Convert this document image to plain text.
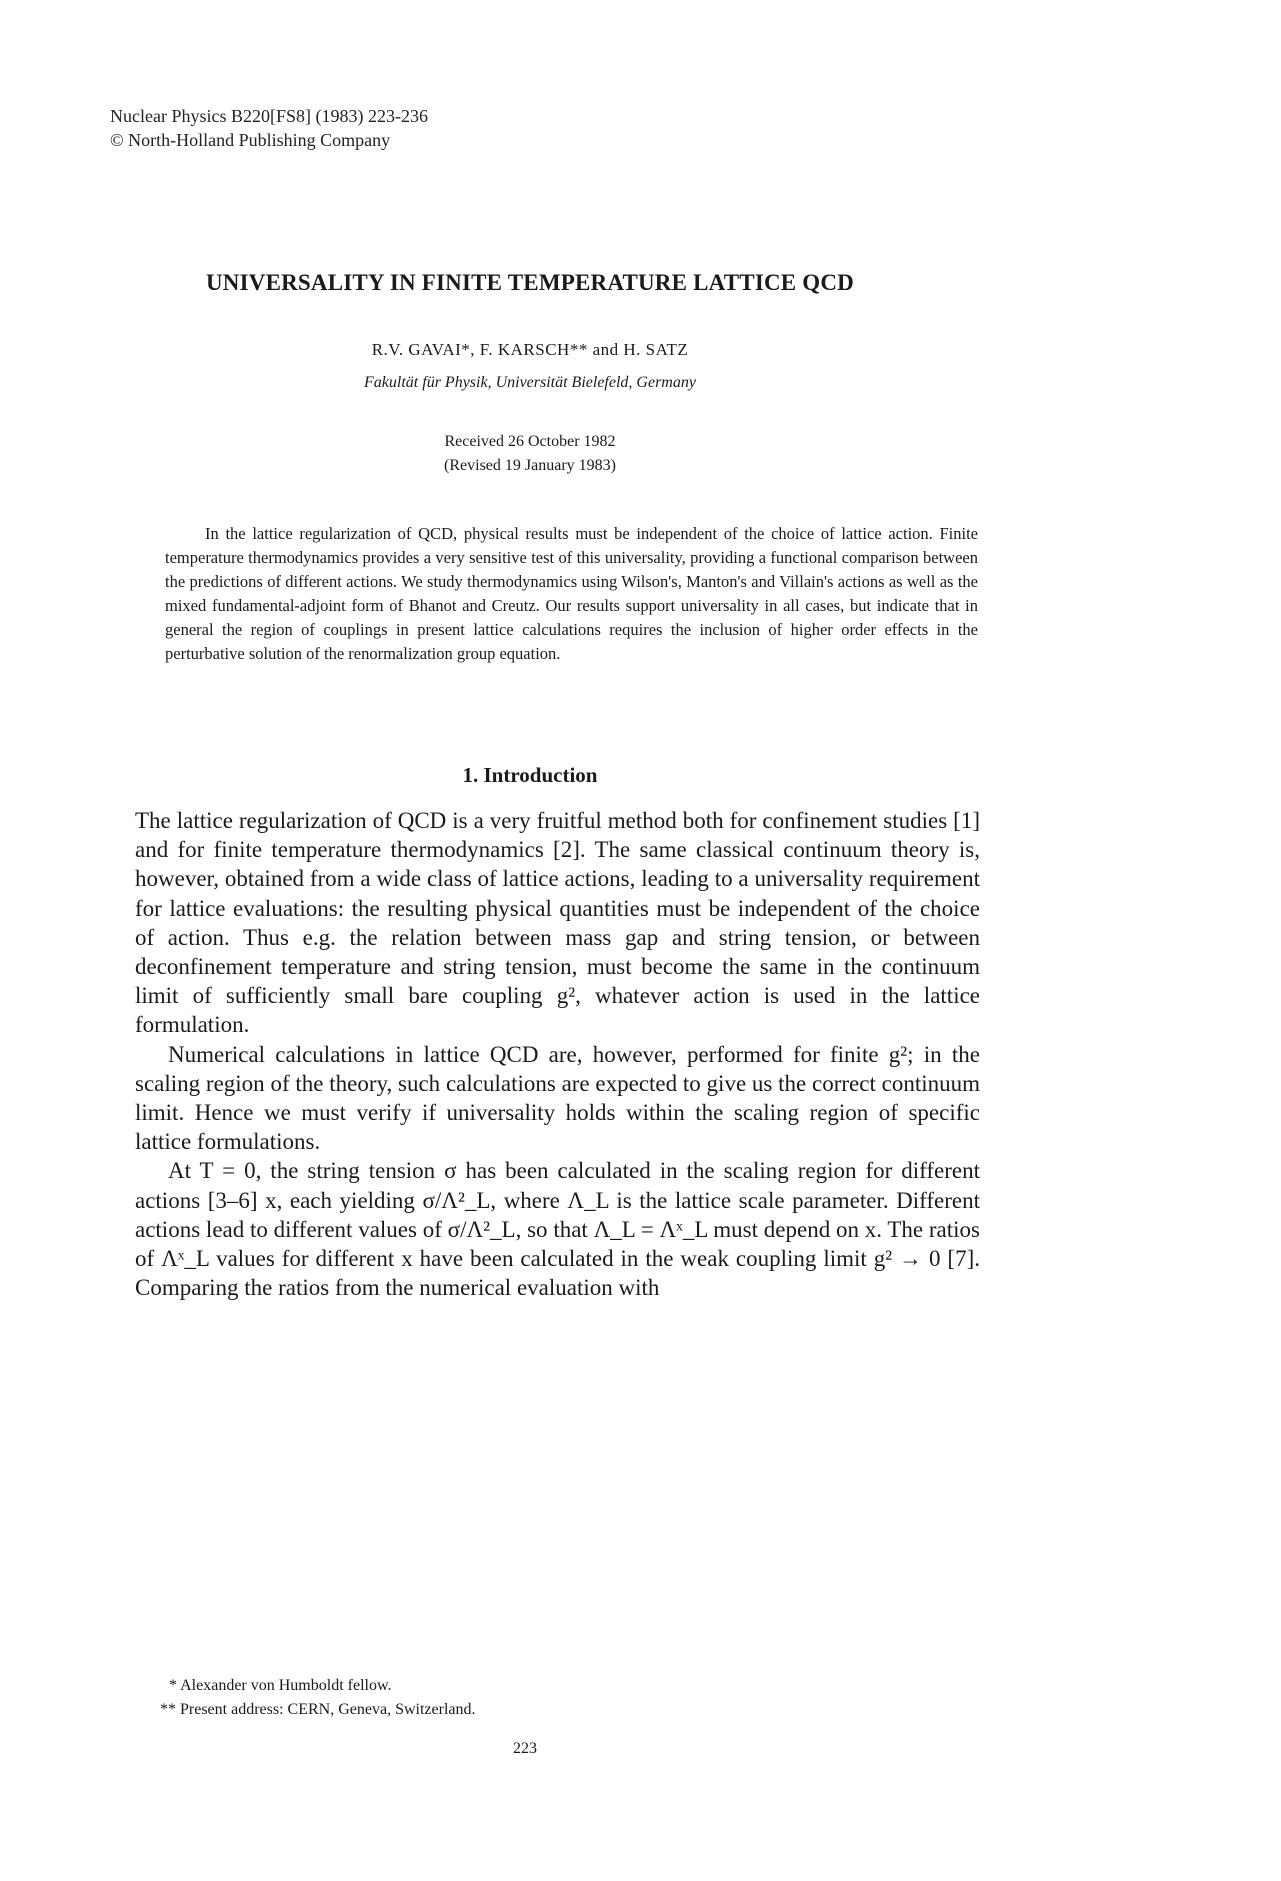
Nuclear Physics B220[FS8] (1983) 223-236
© North-Holland Publishing Company
UNIVERSALITY IN FINITE TEMPERATURE LATTICE QCD
R.V. GAVAI*, F. KARSCH** and H. SATZ
Fakultät für Physik, Universität Bielefeld, Germany
Received 26 October 1982
(Revised 19 January 1983)

In the lattice regularization of QCD, physical results must be independent of the choice of lattice action. Finite temperature thermodynamics provides a very sensitive test of this universality, providing a functional comparison between the predictions of different actions. We study thermodynamics using Wilson's, Manton's and Villain's actions as well as the mixed fundamental-adjoint form of Bhanot and Creutz. Our results support universality in all cases, but indicate that in general the region of couplings in present lattice calculations requires the inclusion of higher order effects in the perturbative solution of the renormalization group equation.

1. Introduction

The lattice regularization of QCD is a very fruitful method both for confinement studies [1] and for finite temperature thermodynamics [2]. The same classical continuum theory is, however, obtained from a wide class of lattice actions, leading to a universality requirement for lattice evaluations: the resulting physical quantities must be independent of the choice of action. Thus e.g. the relation between mass gap and string tension, or between deconfinement temperature and string tension, must become the same in the continuum limit of sufficiently small bare coupling g², whatever action is used in the lattice formulation.

Numerical calculations in lattice QCD are, however, performed for finite g²; in the scaling region of the theory, such calculations are expected to give us the correct continuum limit. Hence we must verify if universality holds within the scaling region of specific lattice formulations.

At T = 0, the string tension σ has been calculated in the scaling region for different actions [3–6] x, each yielding σ/Λ²_L, where Λ_L is the lattice scale parameter. Different actions lead to different values of σ/Λ²_L, so that Λ_L = Λˣ_L must depend on x. The ratios of Λˣ_L values for different x have been calculated in the weak coupling limit g² → 0 [7]. Comparing the ratios from the numerical evaluation with

* Alexander von Humboldt fellow.
** Present address: CERN, Geneva, Switzerland.
223
